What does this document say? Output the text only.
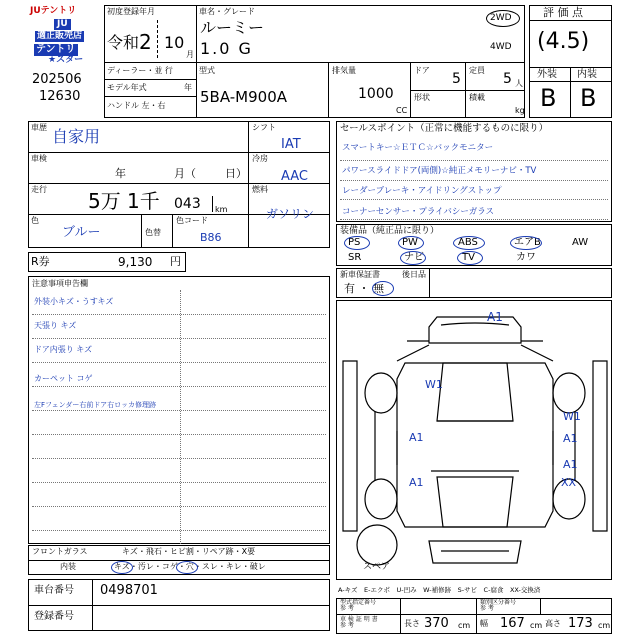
JUテントリ
JU
適正販売店
テントリ
★スター
202506
12630
初度登録年月
令和 2 10
月
車名・グレード
ルーミー
1.0 G
2WD
4WD
ディーラー・並 行
モデル年式	年
ハンドル 左・右
型式
5BA-M900A
排気量
1000
CC
ドア
5
定員
5 人
形状	積載
kg
評 価 点
(4.5)
外装 内装
B B
車歴 自家用
車検
年	月（	日）
走行 5万 1千 043 km
色
ブルー	色替
色コード
B86
シフト
IAT
冷房
AAC
燃料
ガソリン
R券	9,130 円
セールスポイント（正常に機能するものに限り）
スマートキー☆ＥＴＣ☆バックモニター
パワースライドドア(両側)☆純正メモリーナビ・TV
レーダーブレーキ・アイドリングストップ
コーナーセンサー・プライバシーガラス
装備品（純正品に限り）
PS	PW	ABS	エアB	AW
SR	ナビ	TV	カワ
新車保証書
有 ・ 無
後日品
注意事項申告欄
外装小キズ・うすキズ
天張り キズ
ドア内張り キズ
カーペット コゲ
左Fフェンダー右前ドア右ロッカ修理跡
フロントガラス	キズ・飛石・ヒビ割・リペア跡・X要
内装	キズ・汚レ・コゲ・穴・スレ・キレ・破レ
車台番号 0498701
登録番号
A1
W1
A1
W1
A1
A1
A1
XX
スペア
A-キズ　E-エクボ　U-凹み　W-補修跡　S-サビ　C-腐食　XX-交換済
型式指定番号
参 考
類別区分番号
参 考
車 検 証 明 書
参 考	長さ 370 cm 幅 167 cm 高さ 173 cm
